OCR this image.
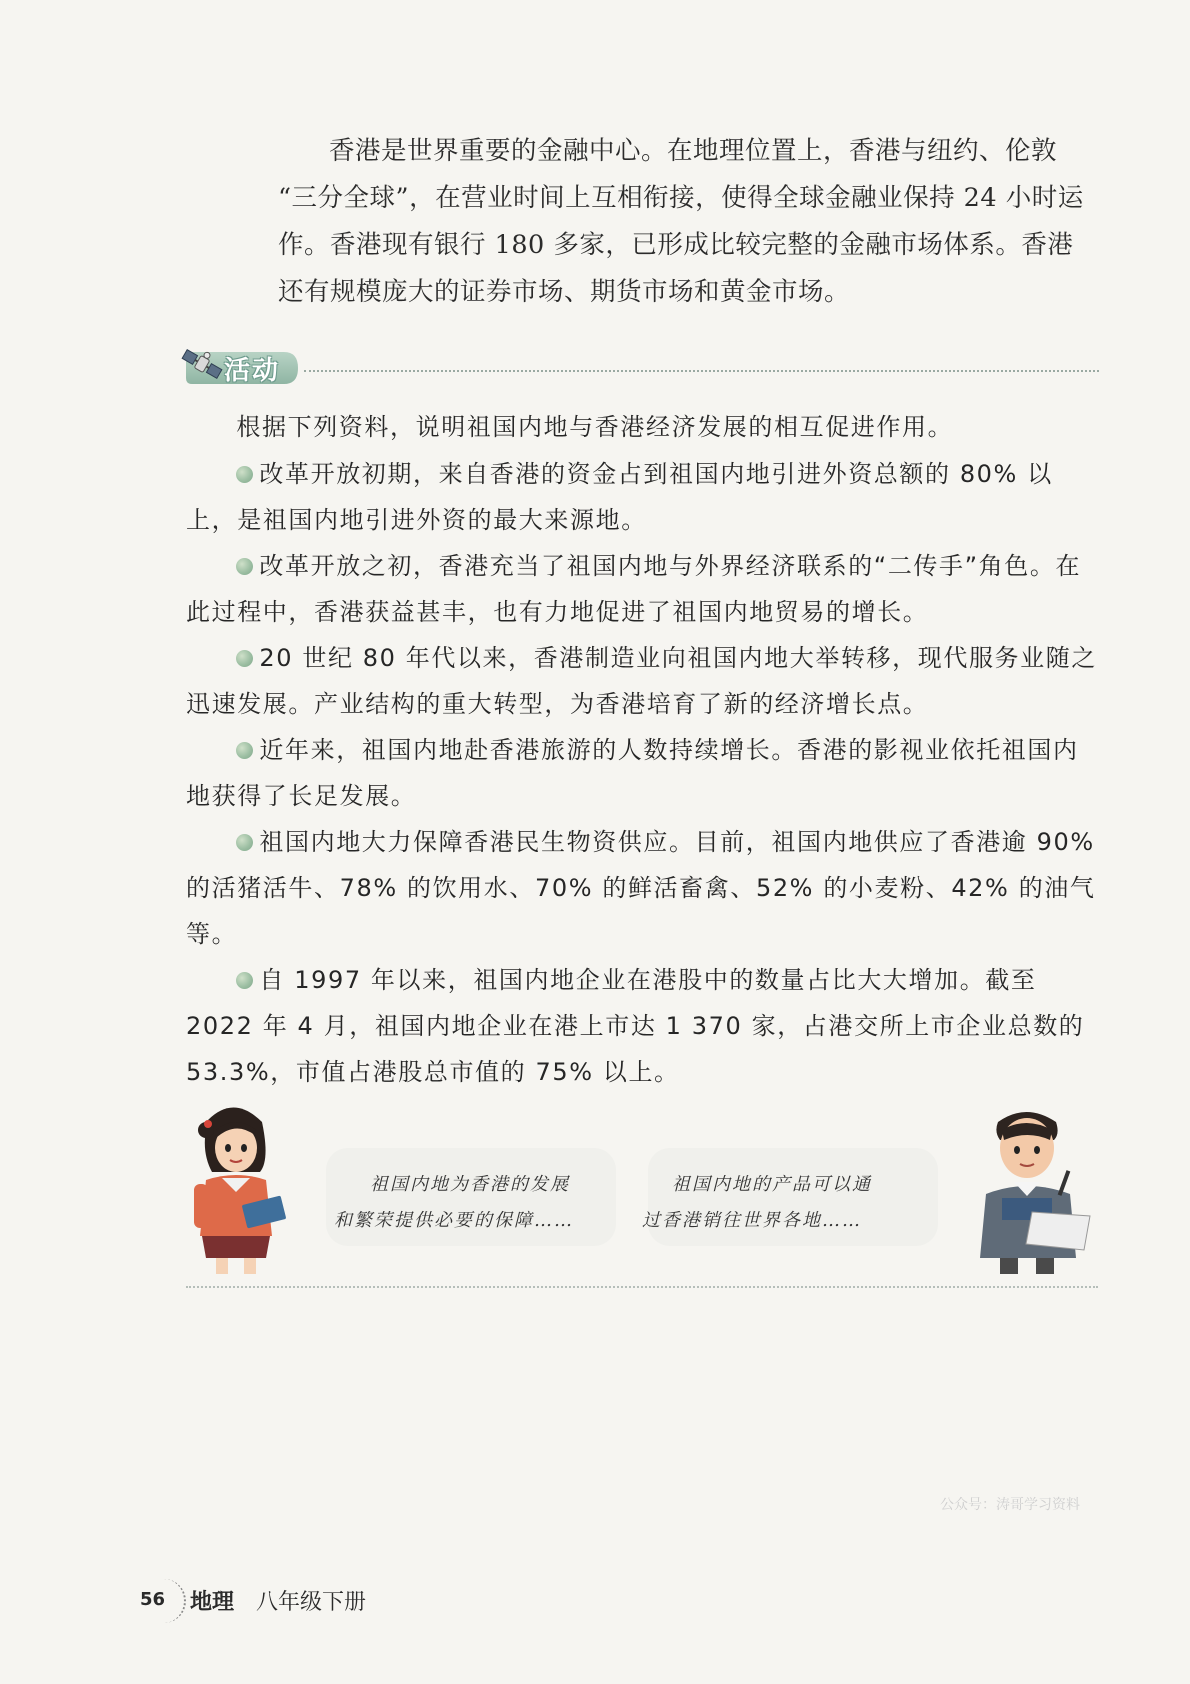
香港是世界重要的金融中心。在地理位置上，香港与纽约、伦敦

“三分全球”，在营业时间上互相衔接，使得全球金融业保持 24 小时运
作。香港现有银行 180 多家，已形成比较完整的金融市场体系。香港
还有规模庞大的证券市场、期货市场和黄金市场。
活动

根据下列资料，说明祖国内地与香港经济发展的相互促进作用。

改革开放初期，来自香港的资金占到祖国内地引进外资总额的 80% 以上，是祖国内地引进外资的最大来源地。

改革开放之初，香港充当了祖国内地与外界经济联系的“二传手”角色。在此过程中，香港获益甚丰，也有力地促进了祖国内地贸易的增长。

20 世纪 80 年代以来，香港制造业向祖国内地大举转移，现代服务业随之迅速发展。产业结构的重大转型，为香港培育了新的经济增长点。

近年来，祖国内地赴香港旅游的人数持续增长。香港的影视业依托祖国内地获得了长足发展。

祖国内地大力保障香港民生物资供应。目前，祖国内地供应了香港逾 90% 的活猪活牛、78% 的饮用水、70% 的鲜活畜禽、52% 的小麦粉、42% 的油气等。

自 1997 年以来，祖国内地企业在港股中的数量占比大大增加。截至 2022 年 4 月，祖国内地企业在港上市达 1 370 家，占港交所上市企业总数的 53.3%，市值占港股总市值的 75% 以上。

祖国内地为香港的发展
和繁荣提供必要的保障……
祖国内地的产品可以通
过香港销往世界各地……
公众号：涛哥学习资料
56 地理 八年级下册
